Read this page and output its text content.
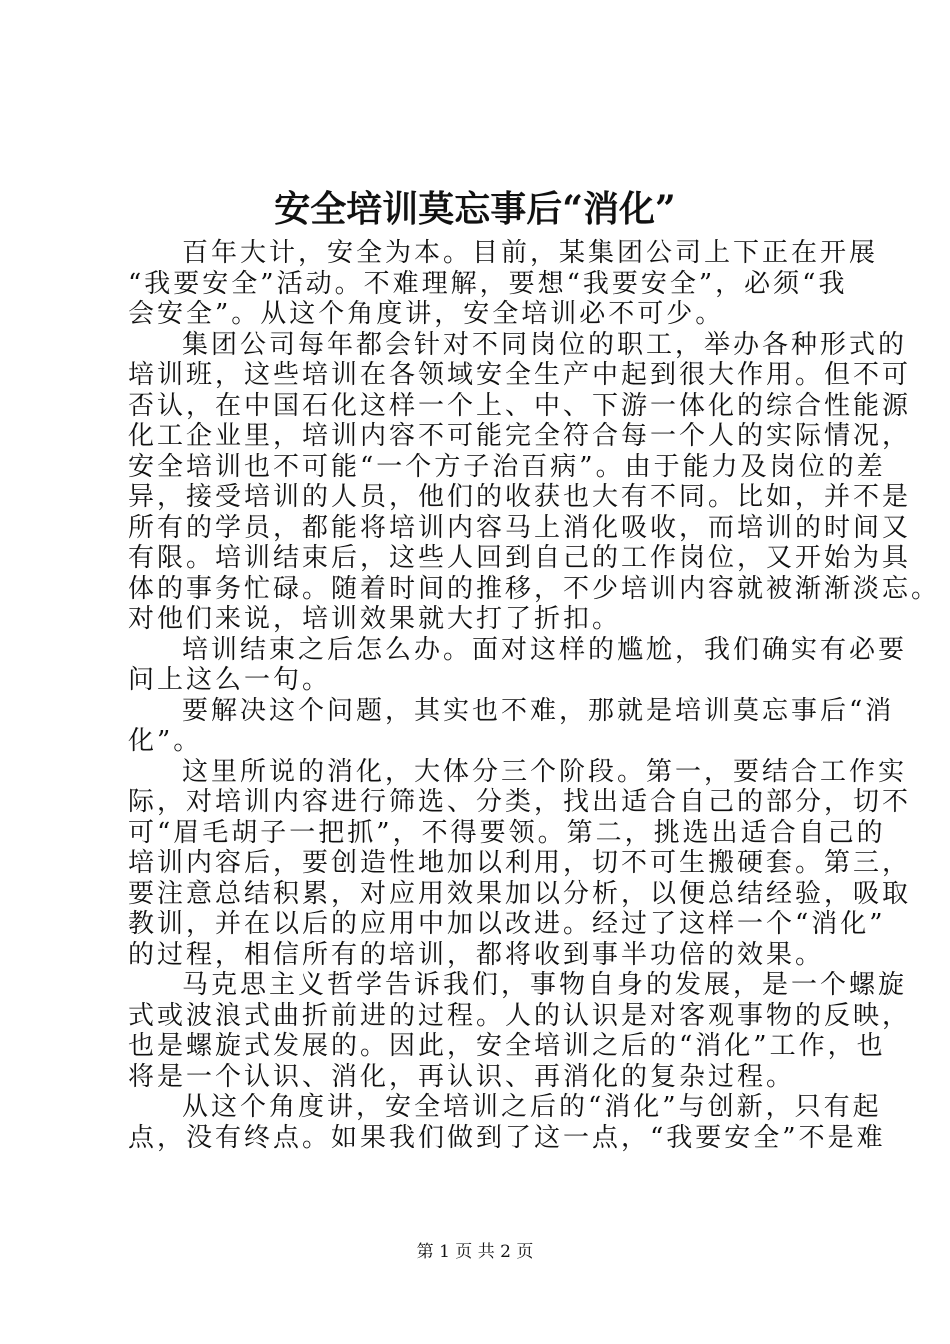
安全培训莫忘事后“消化”

百年大计，安全为本。目前，某集团公司上下正在开展
“我要安全”活动。不难理解，要想“我要安全”，必须“我
会安全”。从这个角度讲，安全培训必不可少。

集团公司每年都会针对不同岗位的职工，举办各种形式的
培训班，这些培训在各领域安全生产中起到很大作用。但不可
否认，在中国石化这样一个上、中、下游一体化的综合性能源
化工企业里，培训内容不可能完全符合每一个人的实际情况，
安全培训也不可能“一个方子治百病”。由于能力及岗位的差
异，接受培训的人员，他们的收获也大有不同。比如，并不是
所有的学员，都能将培训内容马上消化吸收，而培训的时间又
有限。培训结束后，这些人回到自己的工作岗位，又开始为具
体的事务忙碌。随着时间的推移，不少培训内容就被渐渐淡忘。
对他们来说，培训效果就大打了折扣。

培训结束之后怎么办。面对这样的尴尬，我们确实有必要
问上这么一句。

要解决这个问题，其实也不难，那就是培训莫忘事后“消
化”。

这里所说的消化，大体分三个阶段。第一，要结合工作实
际，对培训内容进行筛选、分类，找出适合自己的部分，切不
可“眉毛胡子一把抓”，不得要领。第二，挑选出适合自己的
培训内容后，要创造性地加以利用，切不可生搬硬套。第三，
要注意总结积累，对应用效果加以分析，以便总结经验，吸取
教训，并在以后的应用中加以改进。经过了这样一个“消化”
的过程，相信所有的培训，都将收到事半功倍的效果。

马克思主义哲学告诉我们，事物自身的发展，是一个螺旋
式或波浪式曲折前进的过程。人的认识是对客观事物的反映，
也是螺旋式发展的。因此，安全培训之后的“消化”工作，也
将是一个认识、消化，再认识、再消化的复杂过程。

从这个角度讲，安全培训之后的“消化”与创新，只有起
点，没有终点。如果我们做到了这一点，“我要安全”不是难

第 1 页 共 2 页
